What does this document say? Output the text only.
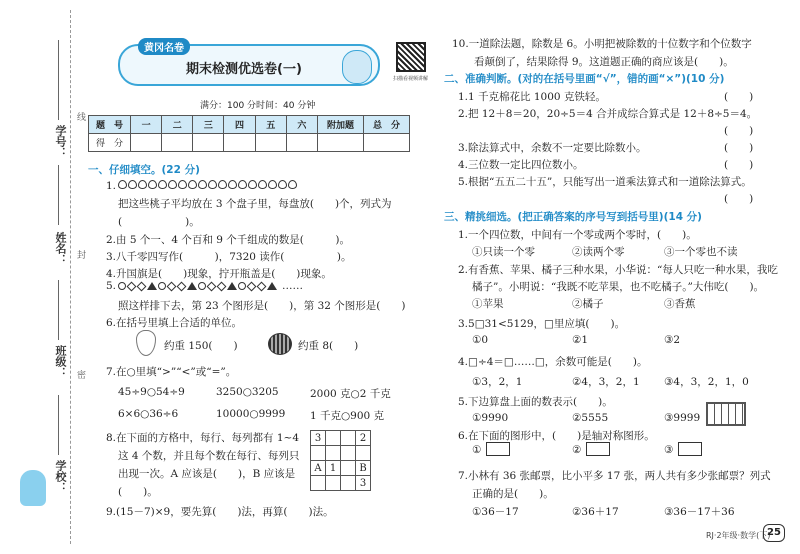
学号：
线
姓名： 封
班级： 密
学校：
黄冈名卷
期末检测优选卷(一)
扫描看视频讲解
满分：100 分 时间：40 分钟
题　号	一	二	三	四	五	六	附加题	总　分
得　分								
一、仔细填空。(22 分)
1.
把这些桃子平均放在 3 个盘子里，每盘放(　　)个，列式为
(　　　　　　)。
2.由 5 个一、4 个百和 9 个千组成的数是(　　　)。
3.八千零四写作(　　　)，7320 读作(　　　　　)。
4.升国旗是(　　)现象，拧开瓶盖是(　　)现象。
5.	……
照这样排下去，第 23 个图形是(　　)，第 32 个图形是(　　)
6.在括号里填上合适的单位。
约重 150(　　)	约重 8(　　)
7.在○里填“>”“<”或“=”。
45÷9○54÷9	3250○3205	2000 克○2 千克
6×6○36÷6	10000○9999 1 千克○900 克
8.在下面的方格中，每行、每列都有 1~4
这 4 个数，并且每个数在每行、每列只
出现一次。A 应该是(　　)，B 应该是
(　　)。
3			2

A	1		B
			3
9.(15－7)×9，要先算(　　)法，再算(　　)法。
10.一道除法题，除数是 6。小明把被除数的十位数字和个位数字
看颠倒了，结果除得 9。这道题正确的商应该是(　　)。
二、准确判断。(对的在括号里画“√”，错的画“×”)(10 分)
1.1 千克棉花比 1000 克铁轻。	(　　)
2.把 12＋8＝20，20÷5＝4 合并成综合算式是 12＋8÷5＝4。
(　　)
3.除法算式中，余数不一定要比除数小。	(　　)
4.三位数一定比四位数小。	(　　)
5.根据“五五二十五”，只能写出一道乘法算式和一道除法算式。
(　　)
三、精挑细选。(把正确答案的序号写到括号里)(14 分)
1.一个四位数，中间有一个零或两个零时，(　　)。
①只读一个零	②读两个零	③一个零也不读
2.有香蕉、苹果、橘子三种水果，小华说：“每人只吃一种水果，我吃
橘子”。小明说：“我既不吃苹果，也不吃橘子。”大伟吃(　　)。
①苹果	②橘子	③香蕉
3.5□31<5129，□里应填(　　)。
①0	②1	③2
4.□÷4＝□……□，余数可能是(　　)。
①3，2，1	②4，3，2，1 ③4，3，2，1，0
5.下边算盘上面的数表示(　　)。
①9990	②5555	③9999
6.在下面的图形中，(　　)是轴对称图形。
①	②	③
7.小林有 36 张邮票，比小平多 17 张，两人共有多少张邮票？列式
正确的是(　　)。
①36－17	②36＋17	③36－17＋36
RJ·2年级·数学(下)
25
